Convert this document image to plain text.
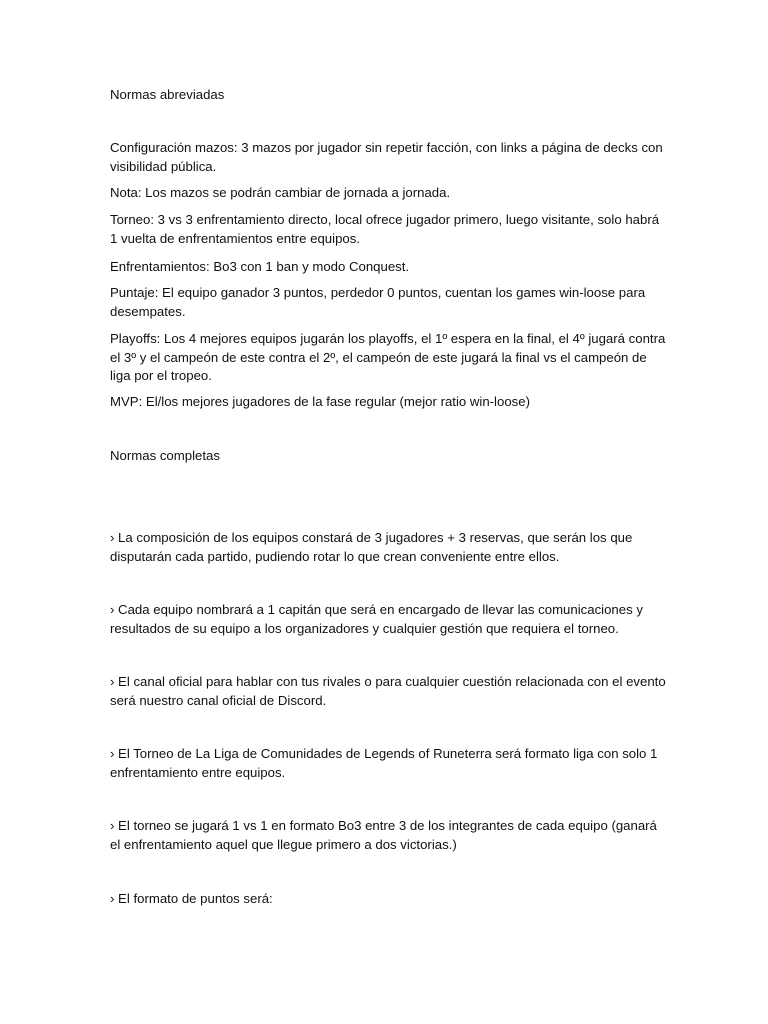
Normas abreviadas
Configuración mazos: 3 mazos por jugador sin repetir facción, con links a página de decks con visibilidad pública.
Nota: Los mazos se podrán cambiar de jornada a jornada.
Torneo: 3 vs 3 enfrentamiento directo, local ofrece jugador primero, luego visitante, solo habrá 1 vuelta de enfrentamientos entre equipos.
Enfrentamientos: Bo3 con 1 ban y modo Conquest.
Puntaje: El equipo ganador 3 puntos, perdedor 0 puntos, cuentan los games win-loose para desempates.
Playoffs: Los 4 mejores equipos jugarán los playoffs, el 1º espera en la final, el 4º jugará contra el 3º y el campeón de este contra el 2º, el campeón de este jugará la final vs el campeón de liga por el tropeo.
MVP: El/los mejores jugadores de la fase regular (mejor ratio win-loose)
Normas completas
› La composición de los equipos constará de 3 jugadores + 3 reservas, que serán los que disputarán cada partido, pudiendo rotar lo que crean conveniente entre ellos.
› Cada equipo nombrará a 1 capitán que será en encargado de llevar las comunicaciones y resultados de su equipo a los organizadores y cualquier gestión que requiera el torneo.
› El canal oficial para hablar con tus rivales o para cualquier cuestión relacionada con el evento será nuestro canal oficial de Discord.
› El Torneo de La Liga de Comunidades de Legends of Runeterra será formato liga con solo 1 enfrentamiento entre equipos.
› El torneo se jugará 1 vs 1 en formato Bo3 entre 3 de los integrantes de cada equipo (ganará el enfrentamiento aquel que llegue primero a dos victorias.)
› El formato de puntos será:
